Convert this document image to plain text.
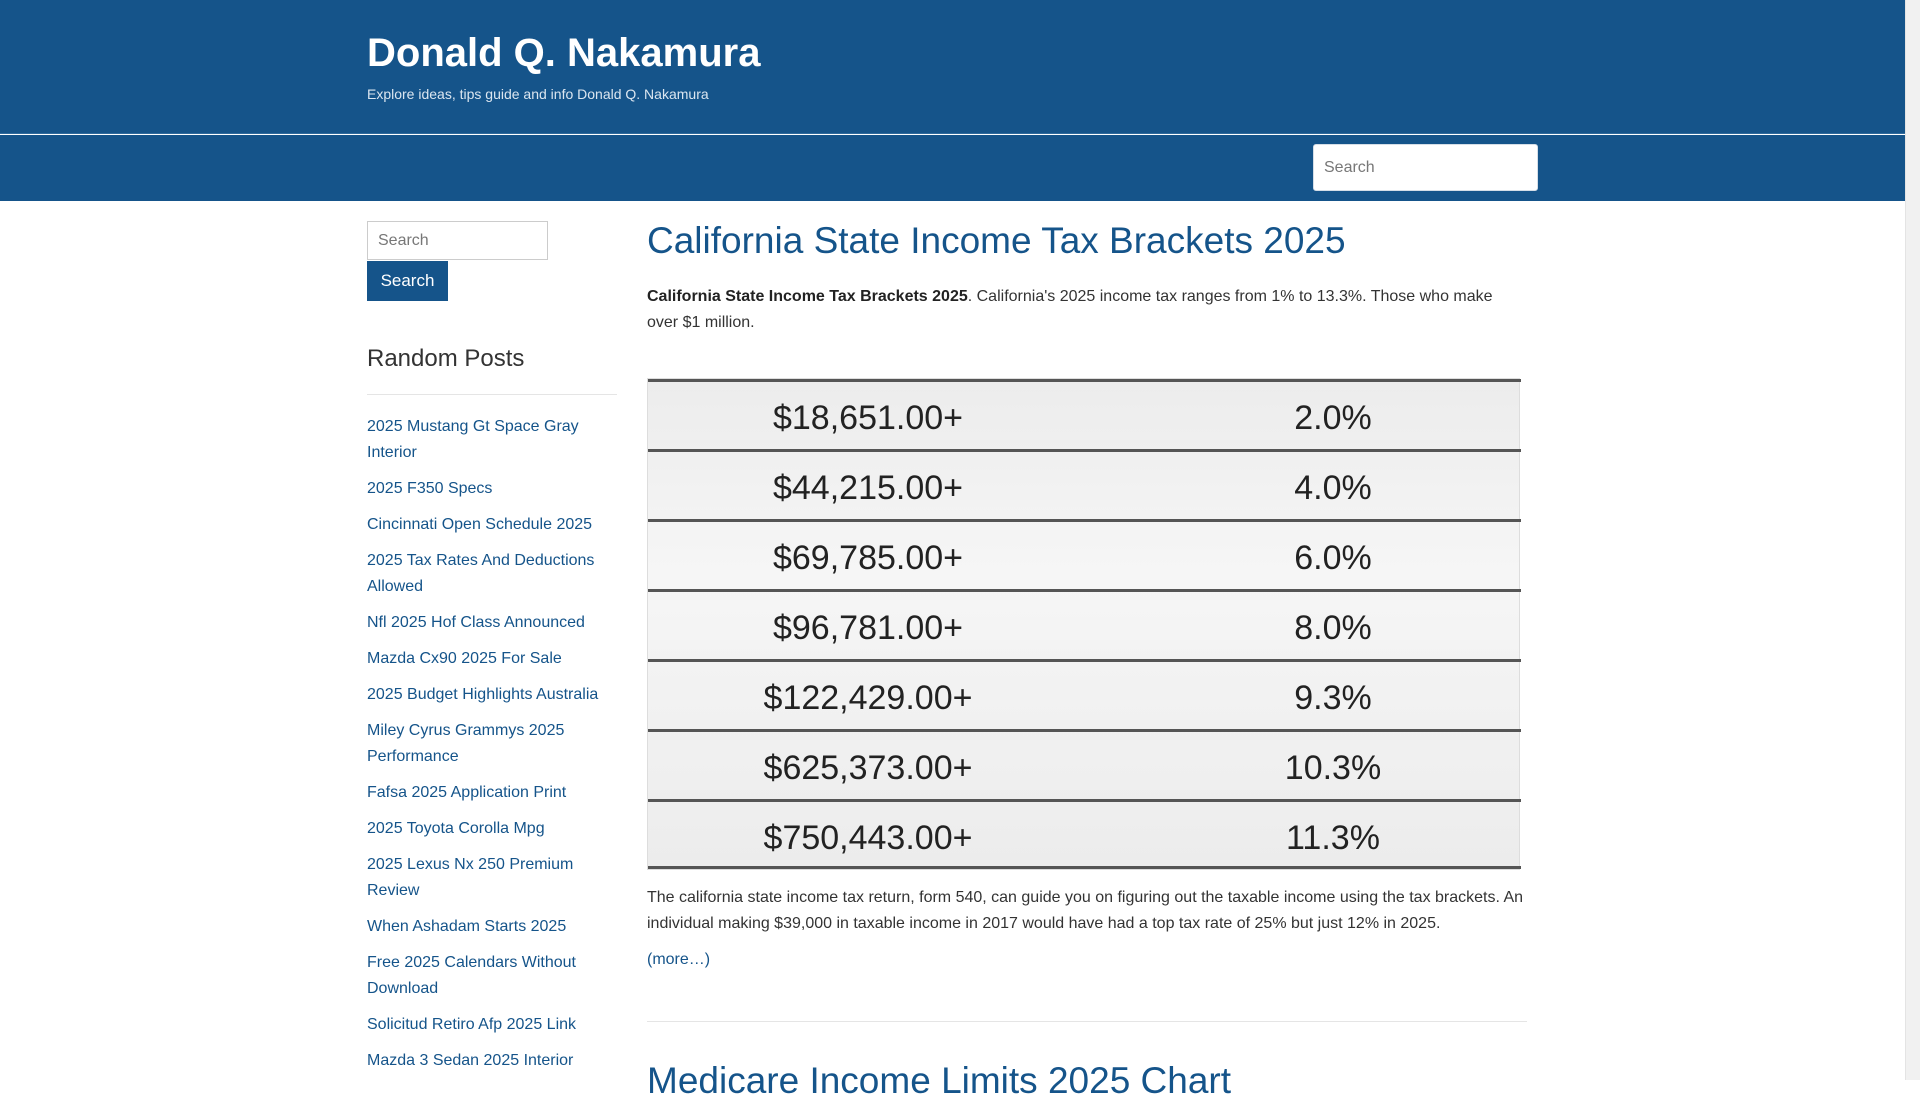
Donald Q. Nakamura
Explore ideas, tips guide and info Donald Q. Nakamura
Search
Search
Search
Random Posts
2025 Mustang Gt Space Gray Interior
2025 F350 Specs
Cincinnati Open Schedule 2025
2025 Tax Rates And Deductions Allowed
Nfl 2025 Hof Class Announced
Mazda Cx90 2025 For Sale
2025 Budget Highlights Australia
Miley Cyrus Grammys 2025 Performance
Fafsa 2025 Application Print
2025 Toyota Corolla Mpg
2025 Lexus Nx 250 Premium Review
When Ashadam Starts 2025
Free 2025 Calendars Without Download
Solicitud Retiro Afp 2025 Link
Mazda 3 Sedan 2025 Interior
California State Income Tax Brackets 2025

California State Income Tax Brackets 2025. California's 2025 income tax ranges from 1% to 13.3%. Those who make over $1 million.

$18,651.00+	2.0%
$44,215.00+	4.0%
$69,785.00+	6.0%
$96,781.00+	8.0%
$122,429.00+	9.3%
$625,373.00+	10.3%
$750,443.00+	11.3%

The california state income tax return, form 540, can guide you on figuring out the taxable income using the tax brackets. An individual making $39,000 in taxable income in 2017 would have had a top tax rate of 25% but just 12% in 2025.

(more…)
Medicare Income Limits 2025 Chart
